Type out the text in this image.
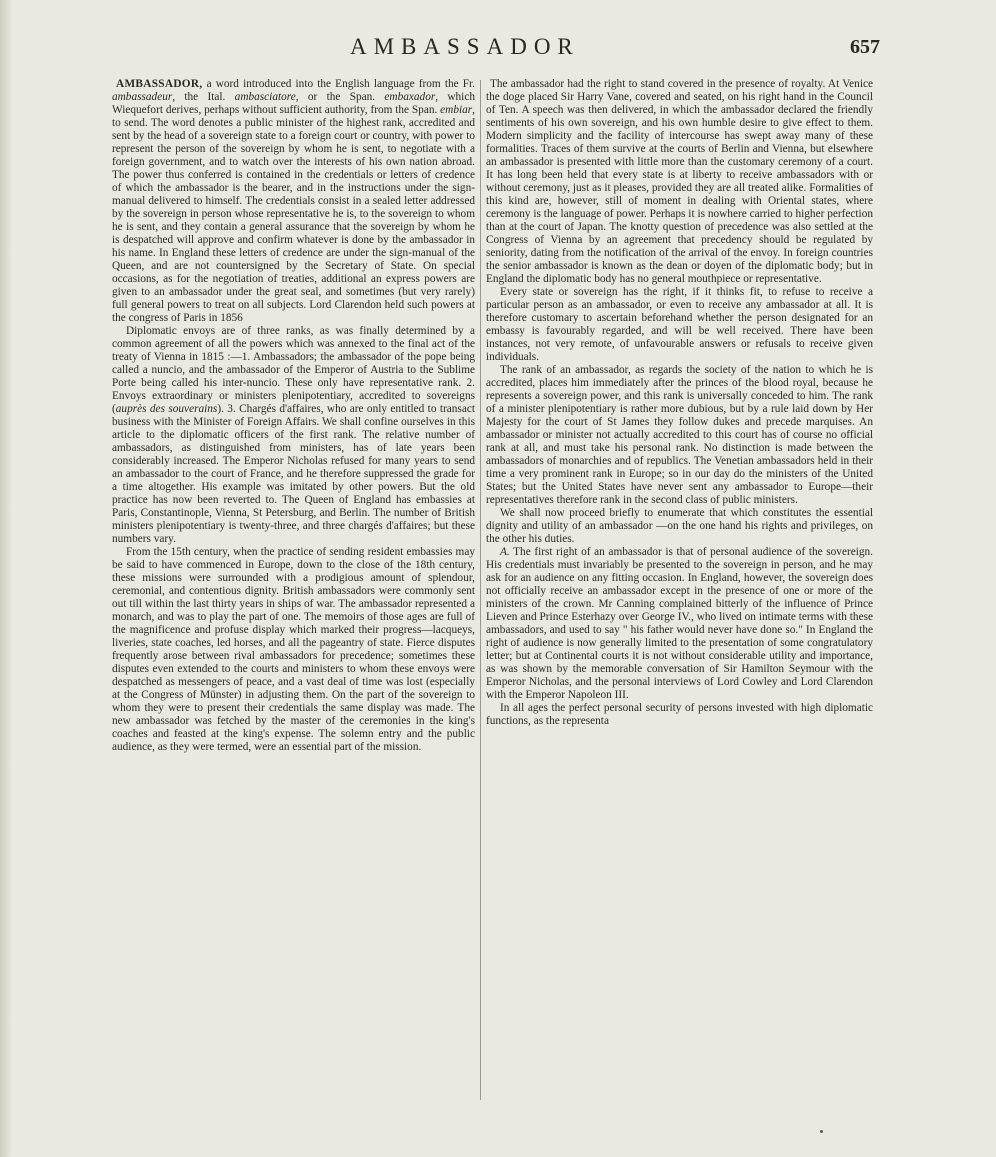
AMBASSADOR	657

AMBASSADOR, a word introduced into the English language from the Fr. ambassadeur, the Ital. ambasciatore, or the Span. embaxador, which Wiequefort derives, perhaps without sufficient authority, from the Span. embiar, to send. The word denotes a public minister of the highest rank, accredited and sent by the head of a sovereign state to a foreign court or country, with power to represent the person of the sovereign by whom he is sent, to negotiate with a foreign government, and to watch over the interests of his own nation abroad. The power thus conferred is contained in the credentials or letters of credence of which the ambassador is the bearer, and in the instructions under the sign-manual delivered to himself. The credentials consist in a sealed letter addressed by the sovereign in person whose representative he is, to the sovereign to whom he is sent, and they contain a general assurance that the sovereign by whom he is despatched will approve and confirm whatever is done by the ambassador in his name. In England these letters of credence are under the sign-manual of the Queen, and are not countersigned by the Secretary of State. On special occasions, as for the negotiation of treaties, additional an express powers are given to an ambassador under the great seal, and sometimes (but very rarely) full general powers to treat on all subjects. Lord Clarendon held such powers at the congress of Paris in 1856

Diplomatic envoys are of three ranks, as was finally determined by a common agreement of all the powers which was annexed to the final act of the treaty of Vienna in 1815 :—1. Ambassadors; the ambassador of the pope being called a nuncio, and the ambassador of the Emperor of Austria to the Sublime Porte being called his inter-nuncio. These only have representative rank. 2. Envoys extraordinary or ministers plenipotentiary, accredited to sovereigns (auprès des souverains). 3. Chargés d'affaires, who are only entitled to transact business with the Minister of Foreign Affairs. We shall confine ourselves in this article to the diplomatic officers of the first rank. The relative number of ambassadors, as distinguished from ministers, has of late years been considerably increased. The Emperor Nicholas refused for many years to send an ambassador to the court of France, and he therefore suppressed the grade for a time altogether. His example was imitated by other powers. But the old practice has now been reverted to. The Queen of England has embassies at Paris, Constantinople, Vienna, St Petersburg, and Berlin. The number of British ministers plenipotentiary is twenty-three, and three chargés d'affaires; but these numbers vary.

From the 15th century, when the practice of sending resident embassies may be said to have commenced in Europe, down to the close of the 18th century, these missions were surrounded with a prodigious amount of splendour, ceremonial, and contentious dignity. British ambassadors were commonly sent out till within the last thirty years in ships of war. The ambassador represented a monarch, and was to play the part of one. The memoirs of those ages are full of the magnificence and profuse display which marked their progress—lacqueys, liveries, state coaches, led horses, and all the pageantry of state. Fierce disputes frequently arose between rival ambassadors for precedence; sometimes these disputes even extended to the courts and ministers to whom these envoys were despatched as messengers of peace, and a vast deal of time was lost (especially at the Congress of Münster) in adjusting them. On the part of the sovereign to whom they were to present their credentials the same display was made. The new ambassador was fetched by the master of the ceremonies in the king's coaches and feasted at the king's expense. The solemn entry and the public audience, as they were termed, were an essential part of the mission.

The ambassador had the right to stand covered in the presence of royalty. At Venice the doge placed Sir Harry Vane, covered and seated, on his right hand in the Council of Ten. A speech was then delivered, in which the ambassador declared the friendly sentiments of his own sovereign, and his own humble desire to give effect to them. Modern simplicity and the facility of intercourse has swept away many of these formalities. Traces of them survive at the courts of Berlin and Vienna, but elsewhere an ambassador is presented with little more than the customary ceremony of a court. It has long been held that every state is at liberty to receive ambassadors with or without ceremony, just as it pleases, provided they are all treated alike. Formalities of this kind are, however, still of moment in dealing with Oriental states, where ceremony is the language of power. Perhaps it is nowhere carried to higher perfection than at the court of Japan. The knotty question of precedence was also settled at the Congress of Vienna by an agreement that precedency should be regulated by seniority, dating from the notification of the arrival of the envoy. In foreign countries the senior ambassador is known as the dean or doyen of the diplomatic body; but in England the diplomatic body has no general mouthpiece or representative.

Every state or sovereign has the right, if it thinks fit, to refuse to receive a particular person as an ambassador, or even to receive any ambassador at all. It is therefore customary to ascertain beforehand whether the person designated for an embassy is favourably regarded, and will be well received. There have been instances, not very remote, of unfavourable answers or refusals to receive given individuals.

The rank of an ambassador, as regards the society of the nation to which he is accredited, places him immediately after the princes of the blood royal, because he represents a sovereign power, and this rank is universally conceded to him. The rank of a minister plenipotentiary is rather more dubious, but by a rule laid down by Her Majesty for the court of St James they follow dukes and precede marquises. An ambassador or minister not actually accredited to this court has of course no official rank at all, and must take his personal rank. No distinction is made between the ambassadors of monarchies and of republics. The Venetian ambassadors held in their time a very prominent rank in Europe; so in our day do the ministers of the United States; but the United States have never sent any ambassador to Europe—their representatives therefore rank in the second class of public ministers.

We shall now proceed briefly to enumerate that which constitutes the essential dignity and utility of an ambassador —on the one hand his rights and privileges, on the other his duties.

A. The first right of an ambassador is that of personal audience of the sovereign. His credentials must invariably be presented to the sovereign in person, and he may ask for an audience on any fitting occasion. In England, however, the sovereign does not officially receive an ambassador except in the presence of one or more of the ministers of the crown. Mr Canning complained bitterly of the influence of Prince Lieven and Prince Esterhazy over George IV., who lived on intimate terms with these ambassadors, and used to say " his father would never have done so." In England the right of audience is now generally limited to the presentation of some congratulatory letter; but at Continental courts it is not without considerable utility and importance, as was shown by the memorable conversation of Sir Hamilton Seymour with the Emperor Nicholas, and the personal interviews of Lord Cowley and Lord Clarendon with the Emperor Napoleon III.

In all ages the perfect personal security of persons invested with high diplomatic functions, as the representa
